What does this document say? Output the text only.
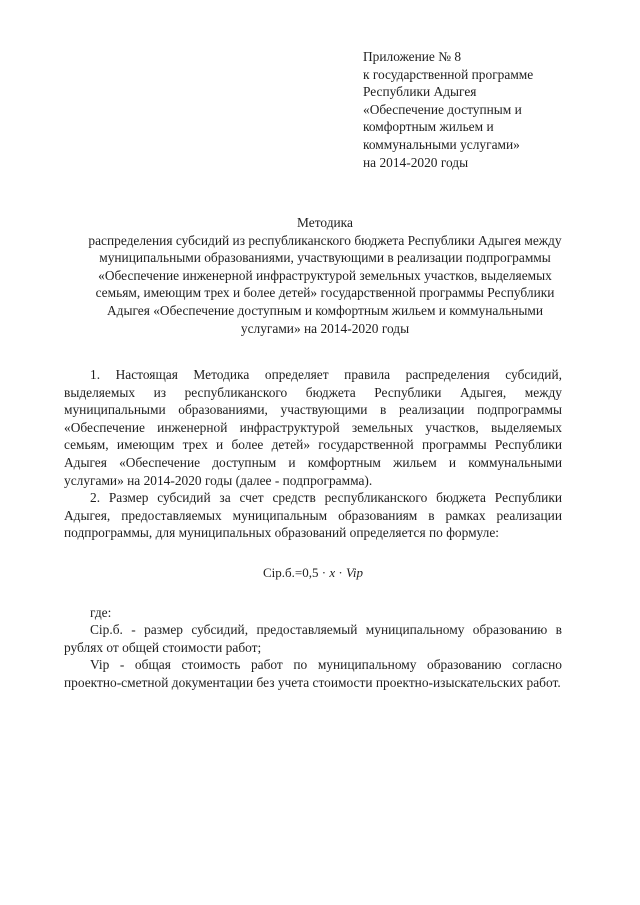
Приложение № 8
к государственной программе
Республики Адыгея
«Обеспечение доступным и
комфортным жильем и
коммунальными услугами»
на 2014-2020 годы
Методика
распределения субсидий из республиканского бюджета Республики Адыгея между
муниципальными образованиями, участвующими в реализации подпрограммы
«Обеспечение инженерной инфраструктурой земельных участков, выделяемых
семьям, имеющим трех и более детей» государственной программы Республики
Адыгея «Обеспечение доступным и комфортным жильем и коммунальными
услугами» на 2014-2020 годы

1. Настоящая Методика определяет правила распределения субсидий, выделяемых из республиканского бюджета Республики Адыгея, между муниципальными образованиями, участвующими в реализации подпрограммы «Обеспечение инженерной инфраструктурой земельных участков, выделяемых семьям, имеющим трех и более детей» государственной программы Республики Адыгея «Обеспечение доступным и комфортным жильем и коммунальными услугами» на 2014-2020 годы (далее - подпрограмма).

2. Размер субсидий за счет средств республиканского бюджета Республики Адыгея, предоставляемых муниципальным образованиям в рамках реализации подпрограммы, для муниципальных образований определяется по формуле:

Ciр.б.=0,5 · x · Vip

где:

Ciр.б. - размер субсидий, предоставляемый муниципальному образованию в рублях от общей стоимости работ;

Vip - общая стоимость работ по муниципальному образованию согласно проектно-сметной документации без учета стоимости проектно-изыскательских работ.
